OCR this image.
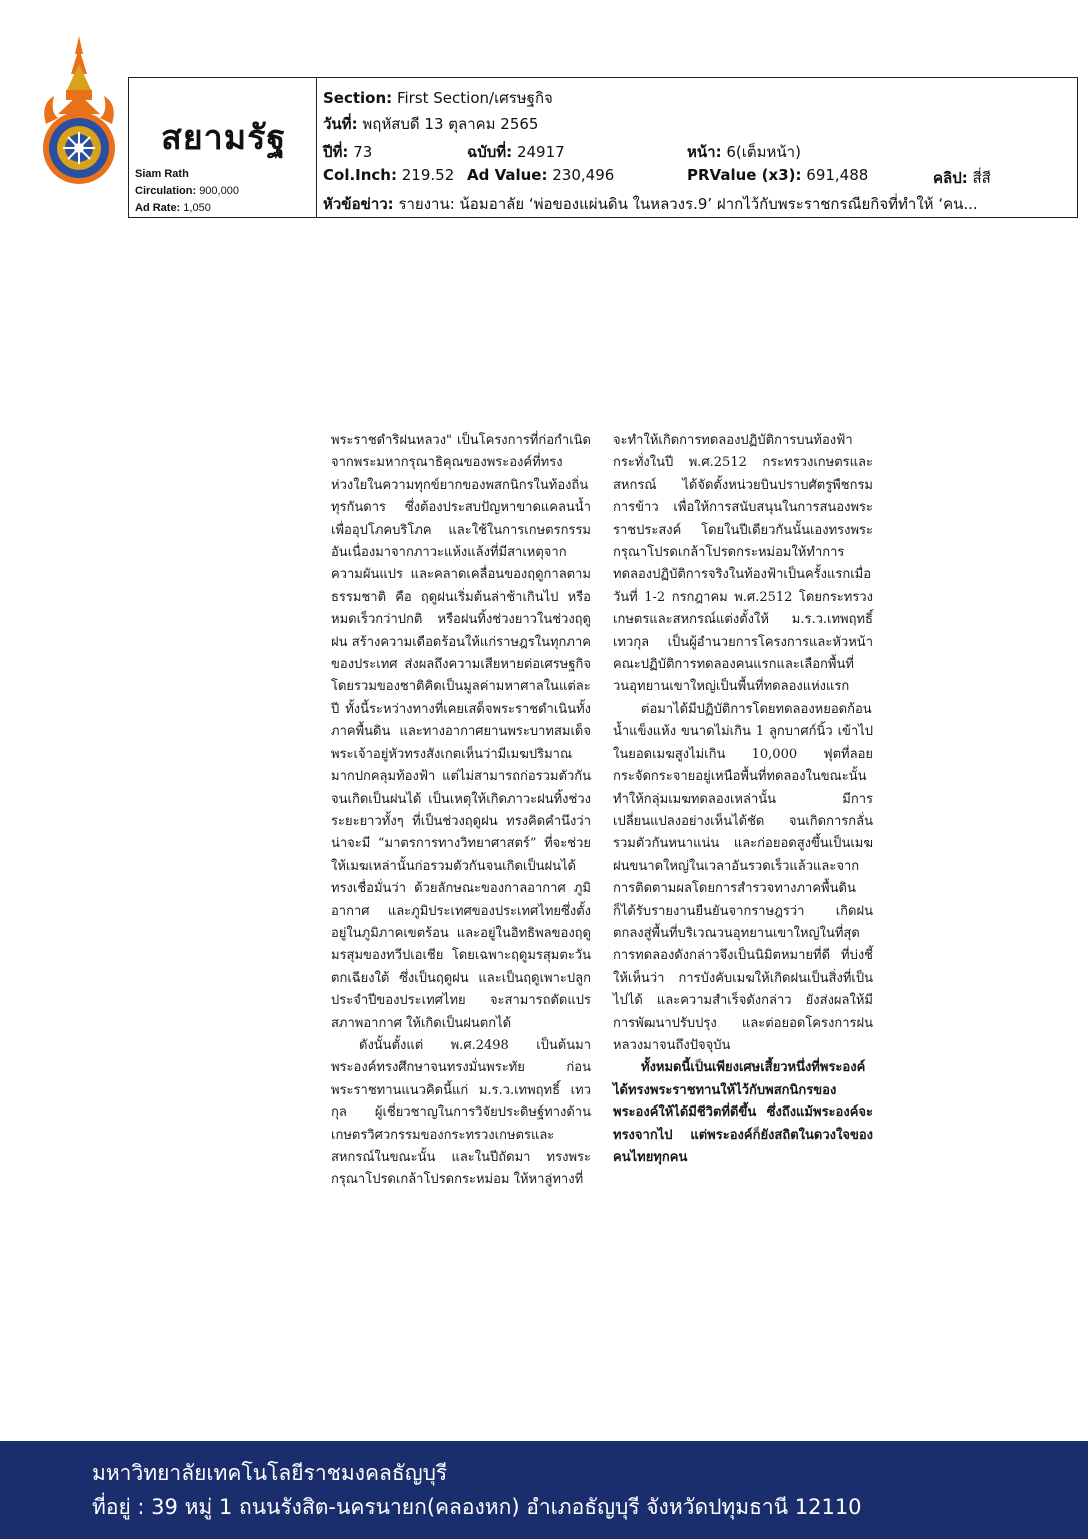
สยามรัฐ
Siam Rath
Circulation: 900,000
Ad Rate: 1,050
Section: First Section/เศรษฐกิจ
วันที่: พฤหัสบดี 13 ตุลาคม 2565
ปีที่: 73	ฉบับที่: 24917	หน้า: 6(เต็มหน้า)
Col.Inch: 219.52 Ad Value: 230,496	PRValue (x3): 691,488	คลิป: สี่สี
หัวข้อข่าว: รายงาน: น้อมอาลัย ‘พ่อของแผ่นดิน ในหลวงร.9’ ฝากไว้กับพระราชกรณียกิจที่ทำให้ ‘คน...

พระราชดำริฝนหลวง" เป็นโครงการที่ก่อกำเนิดจากพระมหากรุณาธิคุณของพระองค์ที่ทรงห่วงใยในความทุกข์ยากของพสกนิกรในท้องถิ่นทุรกันดาร ซึ่งต้องประสบปัญหาขาดแคลนน้ำเพื่ออุปโภคบริโภค และใช้ในการเกษตรกรรมอันเนื่องมาจากภาวะแห้งแล้งที่มีสาเหตุจากความผันแปร และคลาดเคลื่อนของฤดูกาลตามธรรมชาติ คือ ฤดูฝนเริ่มต้นล่าช้าเกินไป หรือหมดเร็วกว่าปกติ หรือฝนทิ้งช่วงยาวในช่วงฤดูฝน สร้างความเดือดร้อนให้แก่ราษฎรในทุกภาคของประเทศ ส่งผลถึงความเสียหายต่อเศรษฐกิจโดยรวมของชาติคิดเป็นมูลค่ามหาศาลในแต่ละปี ทั้งนี้ระหว่างทางที่เคยเสด็จพระราชดำเนินทั้งภาคพื้นดิน และทางอากาศยานพระบาทสมเด็จพระเจ้าอยู่หัวทรงสังเกตเห็นว่ามีเมฆปริมาณมากปกคลุมท้องฟ้า แต่ไม่สามารถก่อรวมตัวกันจนเกิดเป็นฝนได้ เป็นเหตุให้เกิดภาวะฝนทิ้งช่วงระยะยาวทั้งๆ ที่เป็นช่วงฤดูฝน ทรงคิดคำนึงว่า น่าจะมี “มาตรการทางวิทยาศาสตร์” ที่จะช่วยให้เมฆเหล่านั้นก่อรวมตัวกันจนเกิดเป็นฝนได้ ทรงเชื่อมั่นว่า ด้วยลักษณะของกาลอากาศ ภูมิอากาศ และภูมิประเทศของประเทศไทยซึ่งตั้งอยู่ในภูมิภาคเขตร้อน และอยู่ในอิทธิพลของฤดูมรสุมของทวีปเอเชีย โดยเฉพาะฤดูมรสุมตะวันตกเฉียงใต้ ซึ่งเป็นฤดูฝน และเป็นฤดูเพาะปลูกประจำปีของประเทศไทย จะสามารถดัดแปรสภาพอากาศ ให้เกิดเป็นฝนตกได้

ดังนั้นตั้งแต่ พ.ศ.2498 เป็นต้นมา พระองค์ทรงศึกษาจนทรงมั่นพระทัย ก่อนพระราชทานแนวคิดนี้แก่ ม.ร.ว.เทพฤทธิ์ เทวกุล ผู้เชี่ยวชาญในการวิจัยประดิษฐ์ทางด้านเกษตรวิศวกรรมของกระทรวงเกษตรและสหกรณ์ในขณะนั้น และในปีถัดมา ทรงพระกรุณาโปรดเกล้าโปรดกระหม่อม ให้หาลู่ทางที่

จะทำให้เกิดการทดลองปฏิบัติการบนท้องฟ้า กระทั่งในปี พ.ศ.2512 กระทรวงเกษตรและสหกรณ์ ได้จัดตั้งหน่วยบินปราบศัตรูพืชกรมการข้าว เพื่อให้การสนับสนุนในการสนองพระราชประสงค์ โดยในปีเดียวกันนั้นเองทรงพระกรุณาโปรดเกล้าโปรดกระหม่อมให้ทำการทดลองปฏิบัติการจริงในท้องฟ้าเป็นครั้งแรกเมื่อวันที่ 1-2 กรกฎาคม พ.ศ.2512 โดยกระทรวงเกษตรและสหกรณ์แต่งตั้งให้ ม.ร.ว.เทพฤทธิ์ เทวกุล เป็นผู้อำนวยการโครงการและหัวหน้าคณะปฏิบัติการทดลองคนแรกและเลือกพื้นที่วนอุทยานเขาใหญ่เป็นพื้นที่ทดลองแห่งแรก

ต่อมาได้มีปฏิบัติการโดยทดลองหยอดก้อนน้ำแข็งแห้ง ขนาดไม่เกิน 1 ลูกบาศก์นิ้ว เข้าไปในยอดเมฆสูงไม่เกิน 10,000 ฟุตที่ลอยกระจัดกระจายอยู่เหนือพื้นที่ทดลองในขณะนั้น ทำให้กลุ่มเมฆทดลองเหล่านั้น มีการเปลี่ยนแปลงอย่างเห็นได้ชัด จนเกิดการกลั่นรวมตัวกันหนาแน่น และก่อยอดสูงขึ้นเป็นเมฆฝนขนาดใหญ่ในเวลาอันรวดเร็วแล้วและจากการติดตามผลโดยการสำรวจทางภาคพื้นดินก็ได้รับรายงานยืนยันจากราษฎรว่า เกิดฝนตกลงสู่พื้นที่บริเวณวนอุทยานเขาใหญ่ในที่สุด การทดลองดังกล่าวจึงเป็นนิมิตหมายที่ดี ที่บ่งชี้ให้เห็นว่า การบังคับเมฆให้เกิดฝนเป็นสิ่งที่เป็นไปได้ และความสำเร็จดังกล่าว ยังส่งผลให้มีการพัฒนาปรับปรุง และต่อยอดโครงการฝนหลวงมาจนถึงปัจจุบัน

ทั้งหมดนี้เป็นเพียงเศษเสี้ยวหนึ่งที่พระองค์ได้ทรงพระราชทานให้ไว้กับพสกนิกรของพระองค์ให้ได้มีชีวิตที่ดีขึ้น ซึ่งถึงแม้พระองค์จะทรงจากไป แต่พระองค์ก็ยังสถิตในดวงใจของคนไทยทุกคน

มหาวิทยาลัยเทคโนโลยีราชมงคลธัญบุรี
ที่อยู่ : 39 หมู่ 1 ถนนรังสิต-นครนายก(คลองหก) อำเภอธัญบุรี จังหวัดปทุมธานี 12110
